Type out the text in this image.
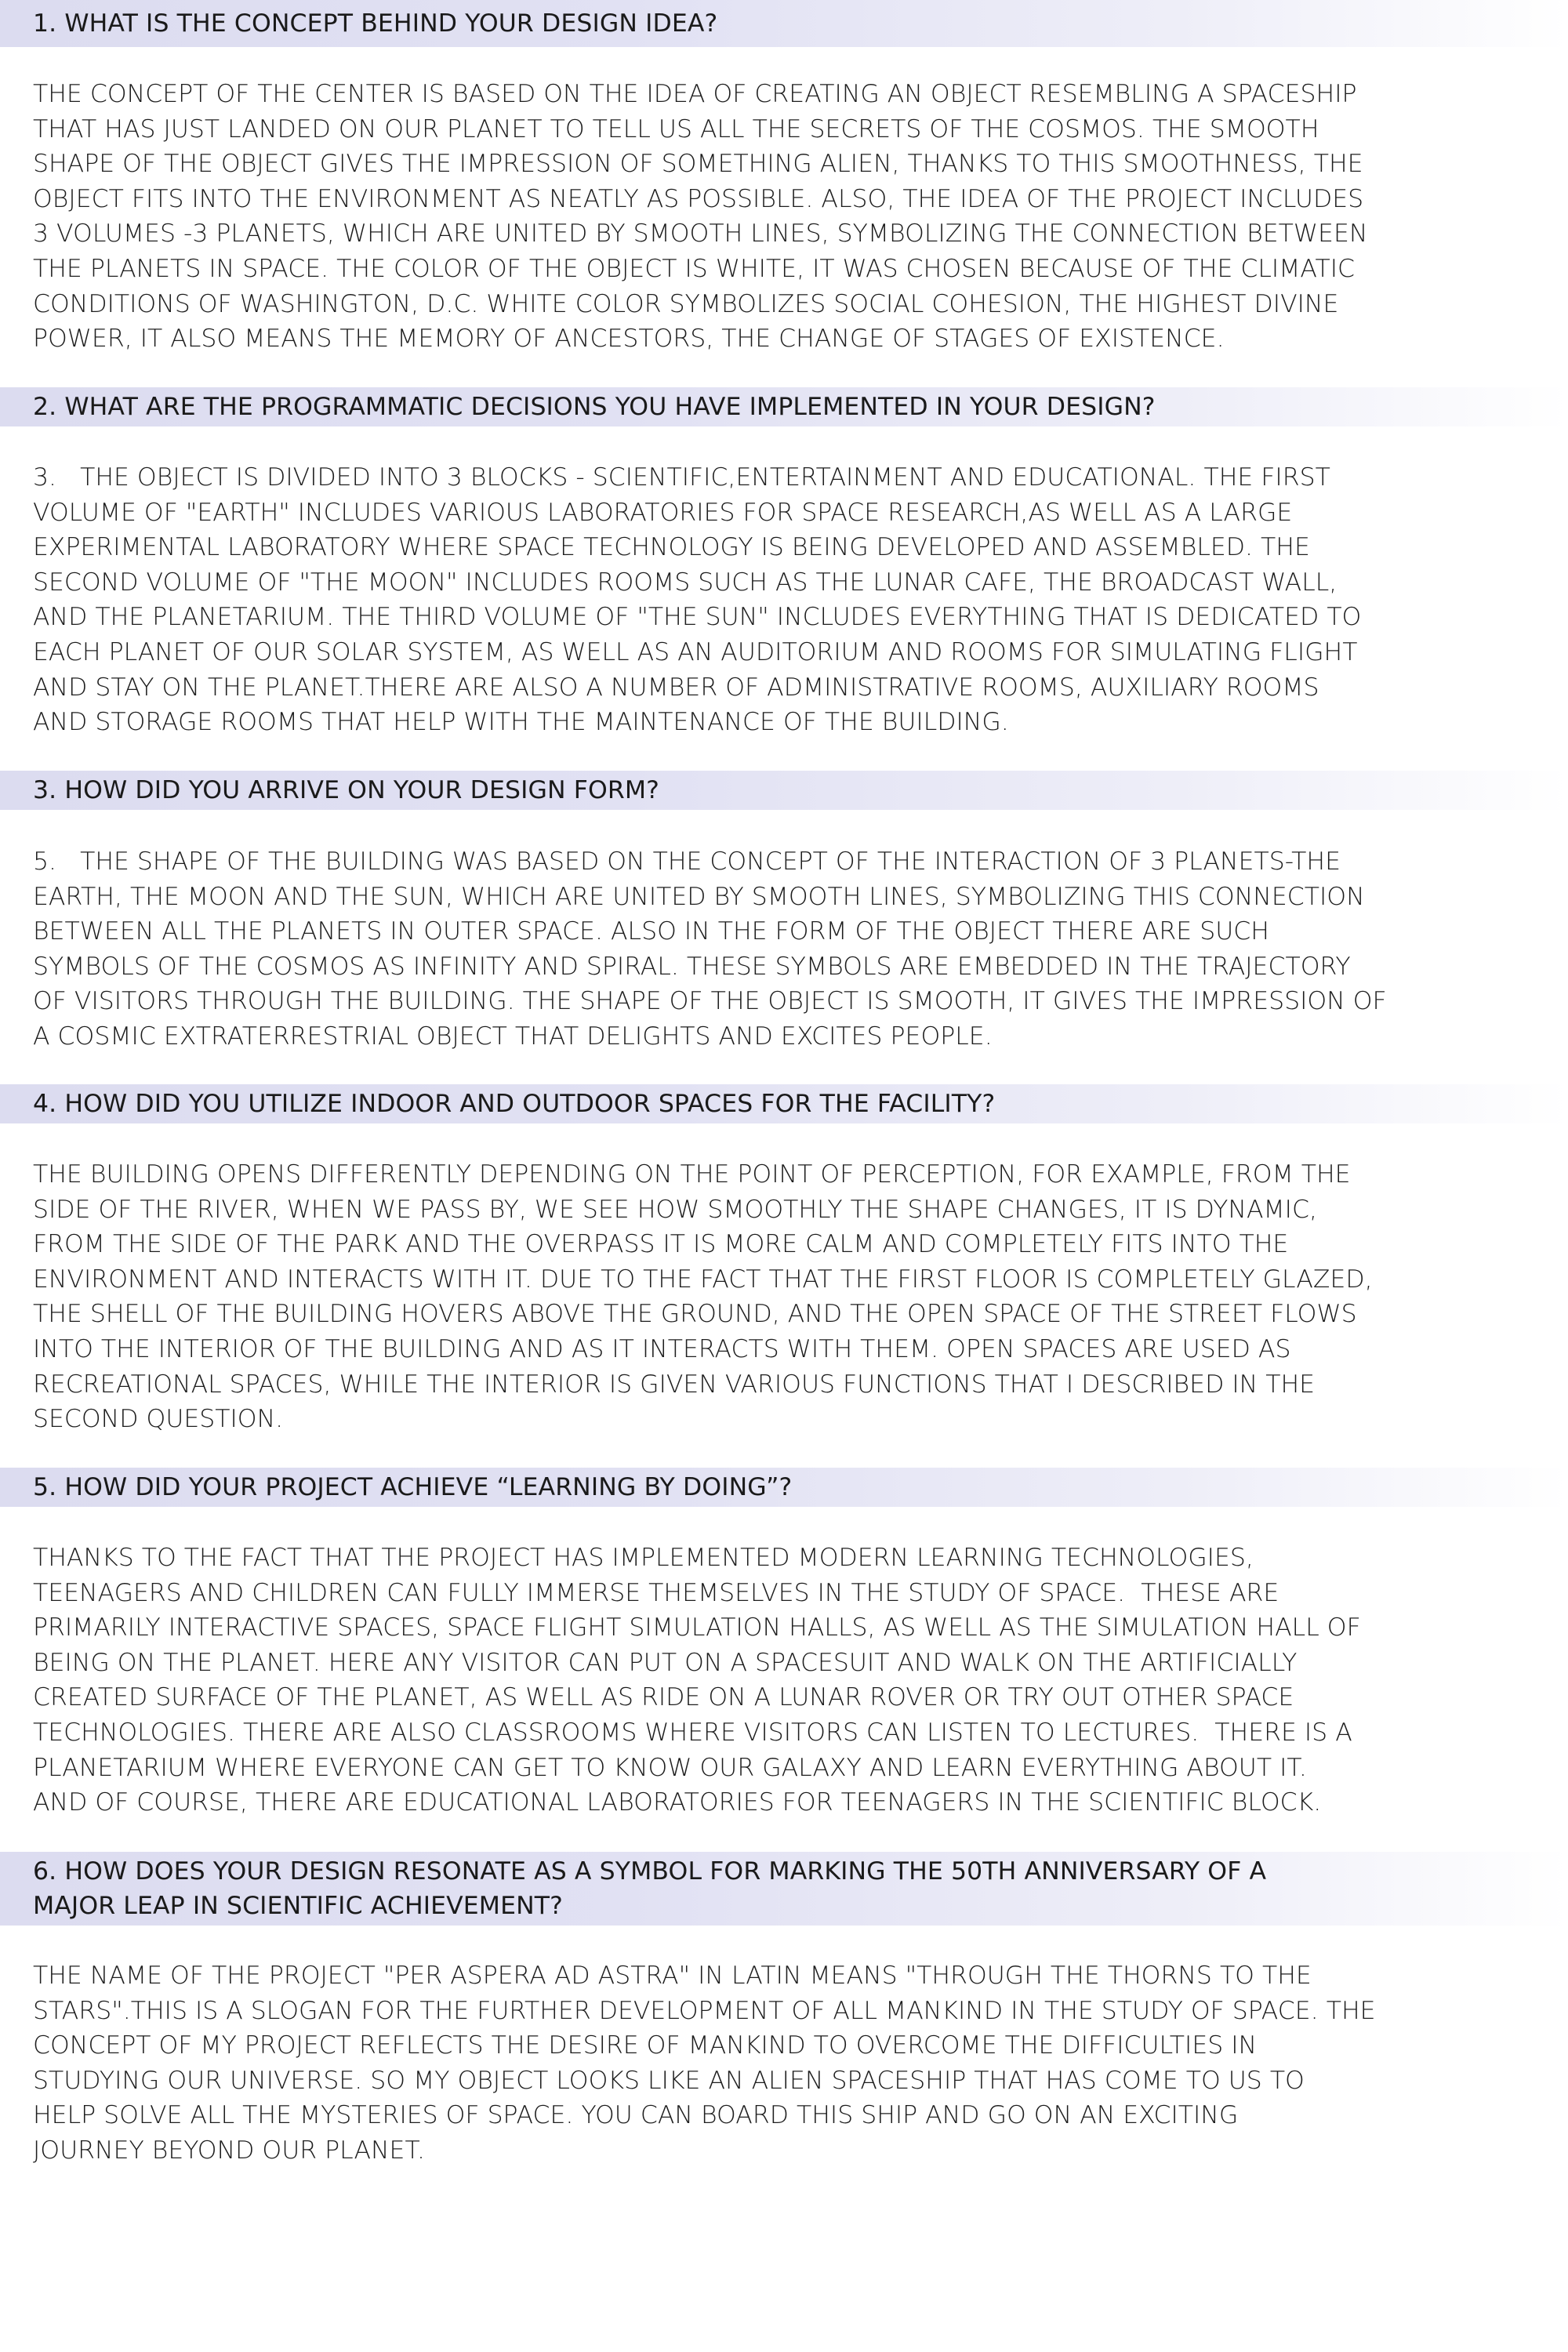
1. WHAT IS THE CONCEPT BEHIND YOUR DESIGN IDEA?
THE CONCEPT OF THE CENTER IS BASED ON THE IDEA OF CREATING AN OBJECT RESEMBLING A SPACESHIP
THAT HAS JUST LANDED ON OUR PLANET TO TELL US ALL THE SECRETS OF THE COSMOS. THE SMOOTH
SHAPE OF THE OBJECT GIVES THE IMPRESSION OF SOMETHING ALIEN, THANKS TO THIS SMOOTHNESS, THE
OBJECT FITS INTO THE ENVIRONMENT AS NEATLY AS POSSIBLE. ALSO, THE IDEA OF THE PROJECT INCLUDES
3 VOLUMES -3 PLANETS, WHICH ARE UNITED BY SMOOTH LINES, SYMBOLIZING THE CONNECTION BETWEEN
THE PLANETS IN SPACE. THE COLOR OF THE OBJECT IS WHITE, IT WAS CHOSEN BECAUSE OF THE CLIMATIC
CONDITIONS OF WASHINGTON, D.C. WHITE COLOR SYMBOLIZES SOCIAL COHESION, THE HIGHEST DIVINE
POWER, IT ALSO MEANS THE MEMORY OF ANCESTORS, THE CHANGE OF STAGES OF EXISTENCE.
2. WHAT ARE THE PROGRAMMATIC DECISIONS YOU HAVE IMPLEMENTED IN YOUR DESIGN?
3.   THE OBJECT IS DIVIDED INTO 3 BLOCKS - SCIENTIFIC,ENTERTAINMENT AND EDUCATIONAL. THE FIRST
VOLUME OF "EARTH" INCLUDES VARIOUS LABORATORIES FOR SPACE RESEARCH,AS WELL AS A LARGE
EXPERIMENTAL LABORATORY WHERE SPACE TECHNOLOGY IS BEING DEVELOPED AND ASSEMBLED. THE
SECOND VOLUME OF "THE MOON" INCLUDES ROOMS SUCH AS THE LUNAR CAFE, THE BROADCAST WALL,
AND THE PLANETARIUM. THE THIRD VOLUME OF "THE SUN" INCLUDES EVERYTHING THAT IS DEDICATED TO
EACH PLANET OF OUR SOLAR SYSTEM, AS WELL AS AN AUDITORIUM AND ROOMS FOR SIMULATING FLIGHT
AND STAY ON THE PLANET.THERE ARE ALSO A NUMBER OF ADMINISTRATIVE ROOMS, AUXILIARY ROOMS
AND STORAGE ROOMS THAT HELP WITH THE MAINTENANCE OF THE BUILDING.
3. HOW DID YOU ARRIVE ON YOUR DESIGN FORM?
5.   THE SHAPE OF THE BUILDING WAS BASED ON THE CONCEPT OF THE INTERACTION OF 3 PLANETS-THE
EARTH, THE MOON AND THE SUN, WHICH ARE UNITED BY SMOOTH LINES, SYMBOLIZING THIS CONNECTION
BETWEEN ALL THE PLANETS IN OUTER SPACE. ALSO IN THE FORM OF THE OBJECT THERE ARE SUCH
SYMBOLS OF THE COSMOS AS INFINITY AND SPIRAL. THESE SYMBOLS ARE EMBEDDED IN THE TRAJECTORY
OF VISITORS THROUGH THE BUILDING. THE SHAPE OF THE OBJECT IS SMOOTH, IT GIVES THE IMPRESSION OF
A COSMIC EXTRATERRESTRIAL OBJECT THAT DELIGHTS AND EXCITES PEOPLE.
4. HOW DID YOU UTILIZE INDOOR AND OUTDOOR SPACES FOR THE FACILITY?
THE BUILDING OPENS DIFFERENTLY DEPENDING ON THE POINT OF PERCEPTION, FOR EXAMPLE, FROM THE
SIDE OF THE RIVER, WHEN WE PASS BY, WE SEE HOW SMOOTHLY THE SHAPE CHANGES, IT IS DYNAMIC,
FROM THE SIDE OF THE PARK AND THE OVERPASS IT IS MORE CALM AND COMPLETELY FITS INTO THE
ENVIRONMENT AND INTERACTS WITH IT. DUE TO THE FACT THAT THE FIRST FLOOR IS COMPLETELY GLAZED,
THE SHELL OF THE BUILDING HOVERS ABOVE THE GROUND, AND THE OPEN SPACE OF THE STREET FLOWS
INTO THE INTERIOR OF THE BUILDING AND AS IT INTERACTS WITH THEM. OPEN SPACES ARE USED AS
RECREATIONAL SPACES, WHILE THE INTERIOR IS GIVEN VARIOUS FUNCTIONS THAT I DESCRIBED IN THE
SECOND QUESTION.
5. HOW DID YOUR PROJECT ACHIEVE “LEARNING BY DOING”?
THANKS TO THE FACT THAT THE PROJECT HAS IMPLEMENTED MODERN LEARNING TECHNOLOGIES,
TEENAGERS AND CHILDREN CAN FULLY IMMERSE THEMSELVES IN THE STUDY OF SPACE.  THESE ARE
PRIMARILY INTERACTIVE SPACES, SPACE FLIGHT SIMULATION HALLS, AS WELL AS THE SIMULATION HALL OF
BEING ON THE PLANET. HERE ANY VISITOR CAN PUT ON A SPACESUIT AND WALK ON THE ARTIFICIALLY
CREATED SURFACE OF THE PLANET, AS WELL AS RIDE ON A LUNAR ROVER OR TRY OUT OTHER SPACE
TECHNOLOGIES. THERE ARE ALSO CLASSROOMS WHERE VISITORS CAN LISTEN TO LECTURES.  THERE IS A
PLANETARIUM WHERE EVERYONE CAN GET TO KNOW OUR GALAXY AND LEARN EVERYTHING ABOUT IT.
AND OF COURSE, THERE ARE EDUCATIONAL LABORATORIES FOR TEENAGERS IN THE SCIENTIFIC BLOCK.
6. HOW DOES YOUR DESIGN RESONATE AS A SYMBOL FOR MARKING THE 50TH ANNIVERSARY OF A
MAJOR LEAP IN SCIENTIFIC ACHIEVEMENT?
THE NAME OF THE PROJECT "PER ASPERA AD ASTRA" IN LATIN MEANS "THROUGH THE THORNS TO THE
STARS".THIS IS A SLOGAN FOR THE FURTHER DEVELOPMENT OF ALL MANKIND IN THE STUDY OF SPACE. THE
CONCEPT OF MY PROJECT REFLECTS THE DESIRE OF MANKIND TO OVERCOME THE DIFFICULTIES IN
STUDYING OUR UNIVERSE. SO MY OBJECT LOOKS LIKE AN ALIEN SPACESHIP THAT HAS COME TO US TO
HELP SOLVE ALL THE MYSTERIES OF SPACE. YOU CAN BOARD THIS SHIP AND GO ON AN EXCITING
JOURNEY BEYOND OUR PLANET.
